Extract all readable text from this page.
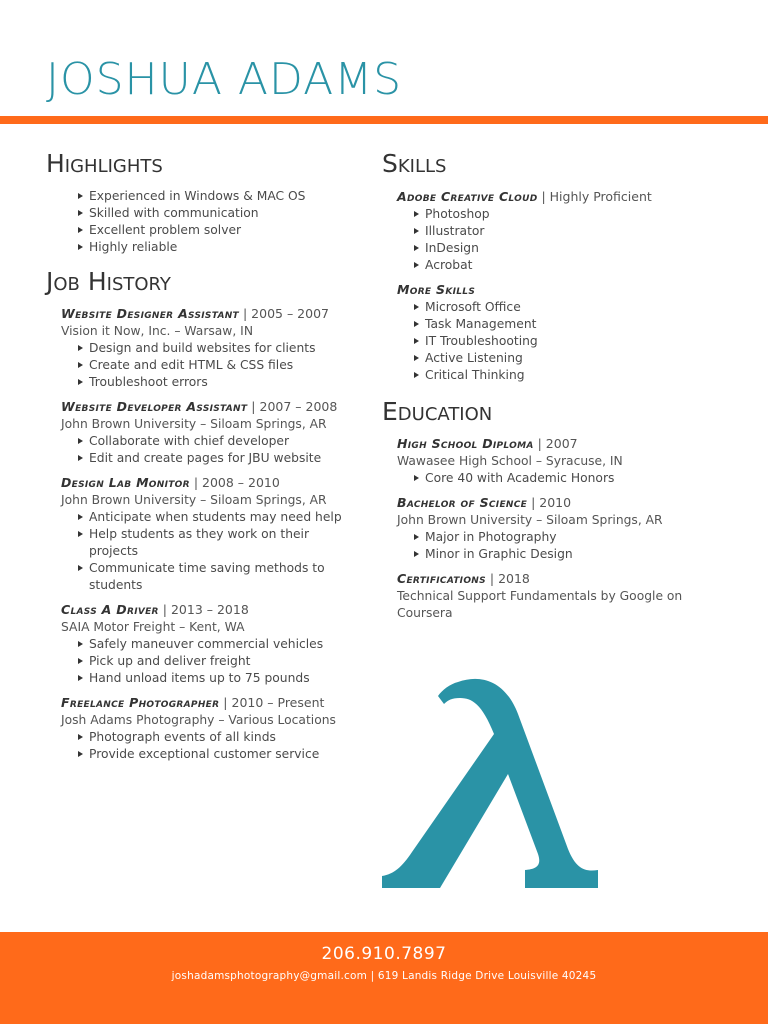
JOSHUA ADAMS
Highlights
Experienced in Windows & MAC OS
Skilled with communication
Excellent problem solver
Highly reliable
Job History
Website Designer Assistant | 2005 – 2007
Vision it Now, Inc. – Warsaw, IN
Design and build websites for clients
Create and edit HTML & CSS files
Troubleshoot errors
Website Developer Assistant | 2007 – 2008
John Brown University – Siloam Springs, AR
Collaborate with chief developer
Edit and create pages for JBU website
Design Lab Monitor | 2008 – 2010
John Brown University – Siloam Springs, AR
Anticipate when students may need help
Help students as they work on their projects
Communicate time saving methods to students
Class A Driver | 2013 – 2018
SAIA Motor Freight – Kent, WA
Safely maneuver commercial vehicles
Pick up and deliver freight
Hand unload items up to 75 pounds
Freelance Photographer | 2010 – Present
Josh Adams Photography – Various Locations
Photograph events of all kinds
Provide exceptional customer service
Skills
Adobe Creative Cloud | Highly Proficient
Photoshop
Illustrator
InDesign
Acrobat
More Skills
Microsoft Office
Task Management
IT Troubleshooting
Active Listening
Critical Thinking
Education
High School Diploma | 2007
Wawasee High School – Syracuse, IN
Core 40 with Academic Honors
Bachelor of Science | 2010
John Brown University – Siloam Springs, AR
Major in Photography
Minor in Graphic Design
Certifications | 2018
Technical Support Fundamentals by Google on Coursera
206.910.7897
joshadamsphotography@gmail.com | 619 Landis Ridge Drive Louisville 40245
